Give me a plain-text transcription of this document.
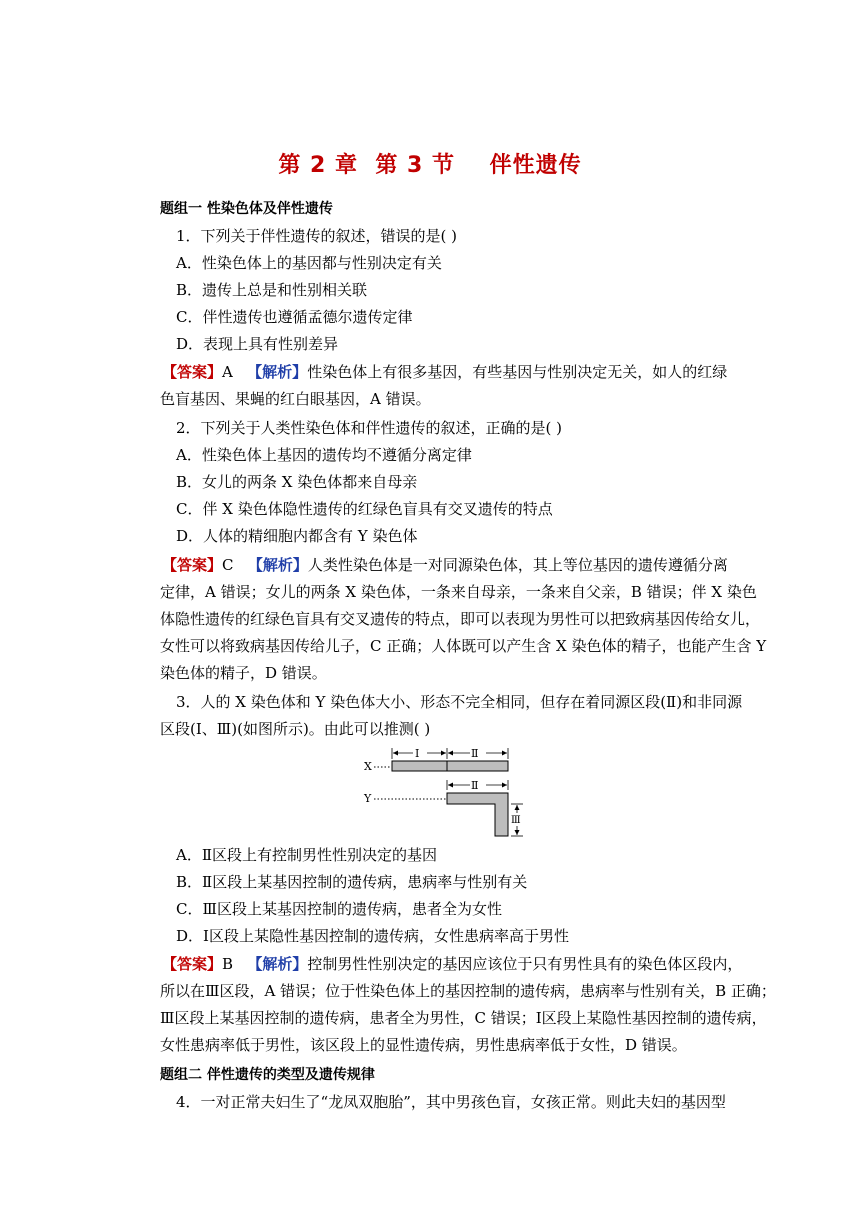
第 2 章  第 3 节    伴性遗传
题组一 性染色体及伴性遗传
1．下列关于伴性遗传的叙述，错误的是( )
A．性染色体上的基因都与性别决定有关
B．遗传上总是和性别相关联
C．伴性遗传也遵循孟德尔遗传定律
D．表现上具有性别差异
【答案】A 【解析】性染色体上有很多基因，有些基因与性别决定无关，如人的红绿
色盲基因、果蝇的红白眼基因，A 错误。
2．下列关于人类性染色体和伴性遗传的叙述，正确的是( )
A．性染色体上基因的遗传均不遵循分离定律
B．女儿的两条 X 染色体都来自母亲
C．伴 X 染色体隐性遗传的红绿色盲具有交叉遗传的特点
D．人体的精细胞内都含有 Y 染色体
【答案】C 【解析】人类性染色体是一对同源染色体，其上等位基因的遗传遵循分离
定律，A 错误；女儿的两条 X 染色体，一条来自母亲，一条来自父亲，B 错误；伴 X 染色
体隐性遗传的红绿色盲具有交叉遗传的特点，即可以表现为男性可以把致病基因传给女儿，
女性可以将致病基因传给儿子，C 正确；人体既可以产生含 X 染色体的精子，也能产生含 Y
染色体的精子，D 错误。
3．人的 X 染色体和 Y 染色体大小、形态不完全相同，但存在着同源区段(Ⅱ)和非同源
区段(Ⅰ、Ⅲ)(如图所示)。由此可以推测( )
X
Ⅰ	Ⅱ
Y
Ⅱ
Ⅲ
A．Ⅱ区段上有控制男性性别决定的基因
B．Ⅱ区段上某基因控制的遗传病，患病率与性别有关
C．Ⅲ区段上某基因控制的遗传病，患者全为女性
D．Ⅰ区段上某隐性基因控制的遗传病，女性患病率高于男性
【答案】B 【解析】控制男性性别决定的基因应该位于只有男性具有的染色体区段内，
所以在Ⅲ区段，A 错误；位于性染色体上的基因控制的遗传病，患病率与性别有关，B 正确；
Ⅲ区段上某基因控制的遗传病，患者全为男性，C 错误；Ⅰ区段上某隐性基因控制的遗传病，
女性患病率低于男性，该区段上的显性遗传病，男性患病率低于女性，D 错误。
题组二 伴性遗传的类型及遗传规律
4．一对正常夫妇生了“龙凤双胞胎”，其中男孩色盲，女孩正常。则此夫妇的基因型
